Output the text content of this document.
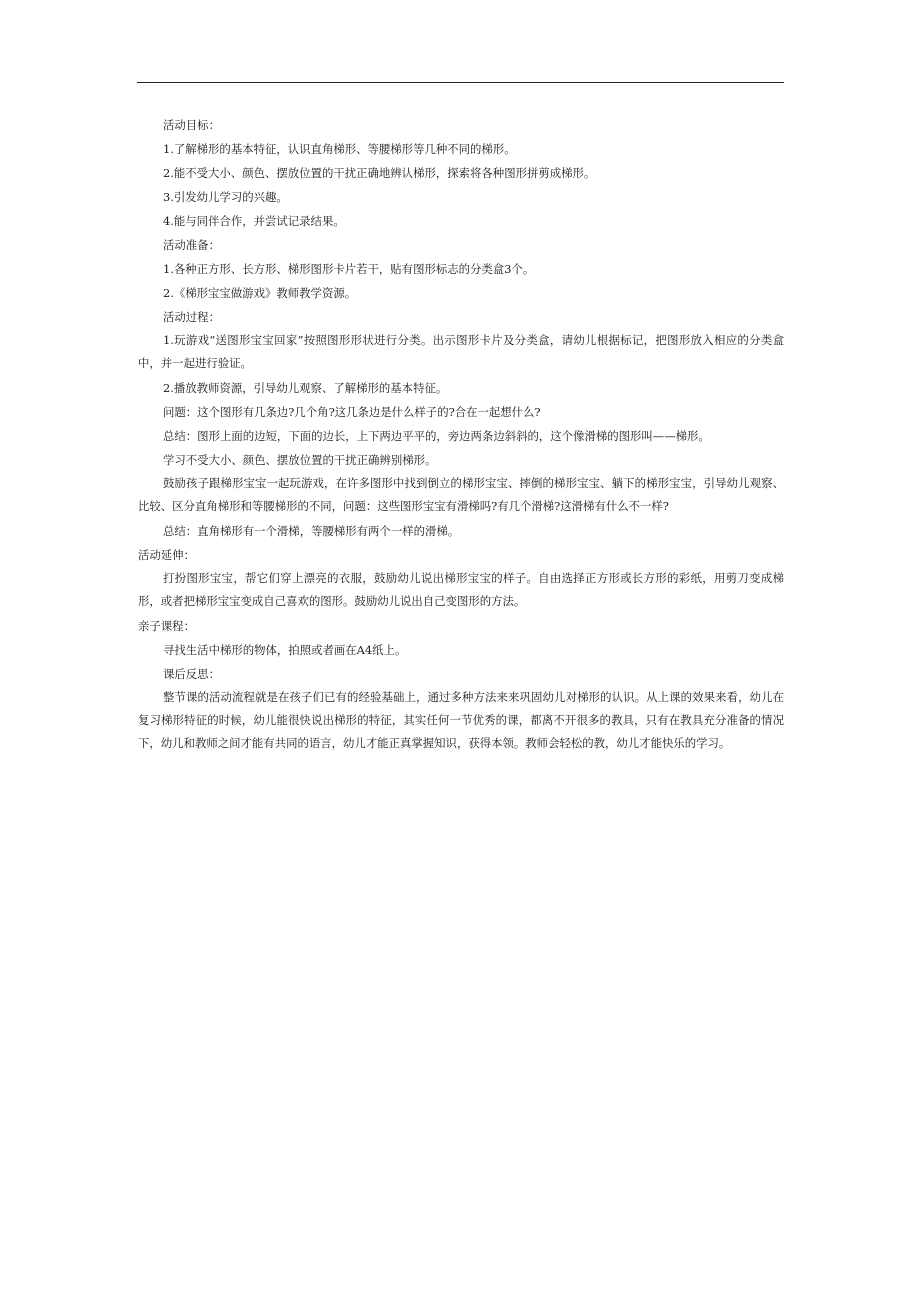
活动目标：

1.了解梯形的基本特征，认识直角梯形、等腰梯形等几种不同的梯形。

2.能不受大小、颜色、摆放位置的干扰正确地辨认梯形，探索将各种图形拼剪成梯形。

3.引发幼儿学习的兴趣。

4.能与同伴合作，并尝试记录结果。

活动准备：

1.各种正方形、长方形、梯形图形卡片若干，贴有图形标志的分类盒3个。

2.《梯形宝宝做游戏》教师教学资源。

活动过程：

1.玩游戏“送图形宝宝回家”按照图形形状进行分类。出示图形卡片及分类盒，请幼儿根据标记，把图形放入相应的分类盒中，并一起进行验证。

2.播放教师资源，引导幼儿观察、了解梯形的基本特征。

问题：这个图形有几条边?几个角?这几条边是什么样子的?合在一起想什么?

总结：图形上面的边短，下面的边长，上下两边平平的，旁边两条边斜斜的，这个像滑梯的图形叫——梯形。

学习不受大小、颜色、摆放位置的干扰正确辨别梯形。

鼓励孩子跟梯形宝宝一起玩游戏，在许多图形中找到倒立的梯形宝宝、摔倒的梯形宝宝、躺下的梯形宝宝，引导幼儿观察、比较、区分直角梯形和等腰梯形的不同，问题：这些图形宝宝有滑梯吗?有几个滑梯?这滑梯有什么不一样?

总结：直角梯形有一个滑梯，等腰梯形有两个一样的滑梯。

活动延伸：

打扮图形宝宝，帮它们穿上漂亮的衣服，鼓励幼儿说出梯形宝宝的样子。自由选择正方形或长方形的彩纸，用剪刀变成梯形，或者把梯形宝宝变成自己喜欢的图形。鼓励幼儿说出自己变图形的方法。

亲子课程：

寻找生活中梯形的物体，拍照或者画在A4纸上。

课后反思：

整节课的活动流程就是在孩子们已有的经验基础上，通过多种方法来来巩固幼儿对梯形的认识。从上课的效果来看，幼儿在复习梯形特征的时候，幼儿能很快说出梯形的特征，其实任何一节优秀的课，都离不开很多的教具，只有在教具充分准备的情况下，幼儿和教师之间才能有共同的语言，幼儿才能正真掌握知识，获得本领。教师会轻松的教，幼儿才能快乐的学习。
